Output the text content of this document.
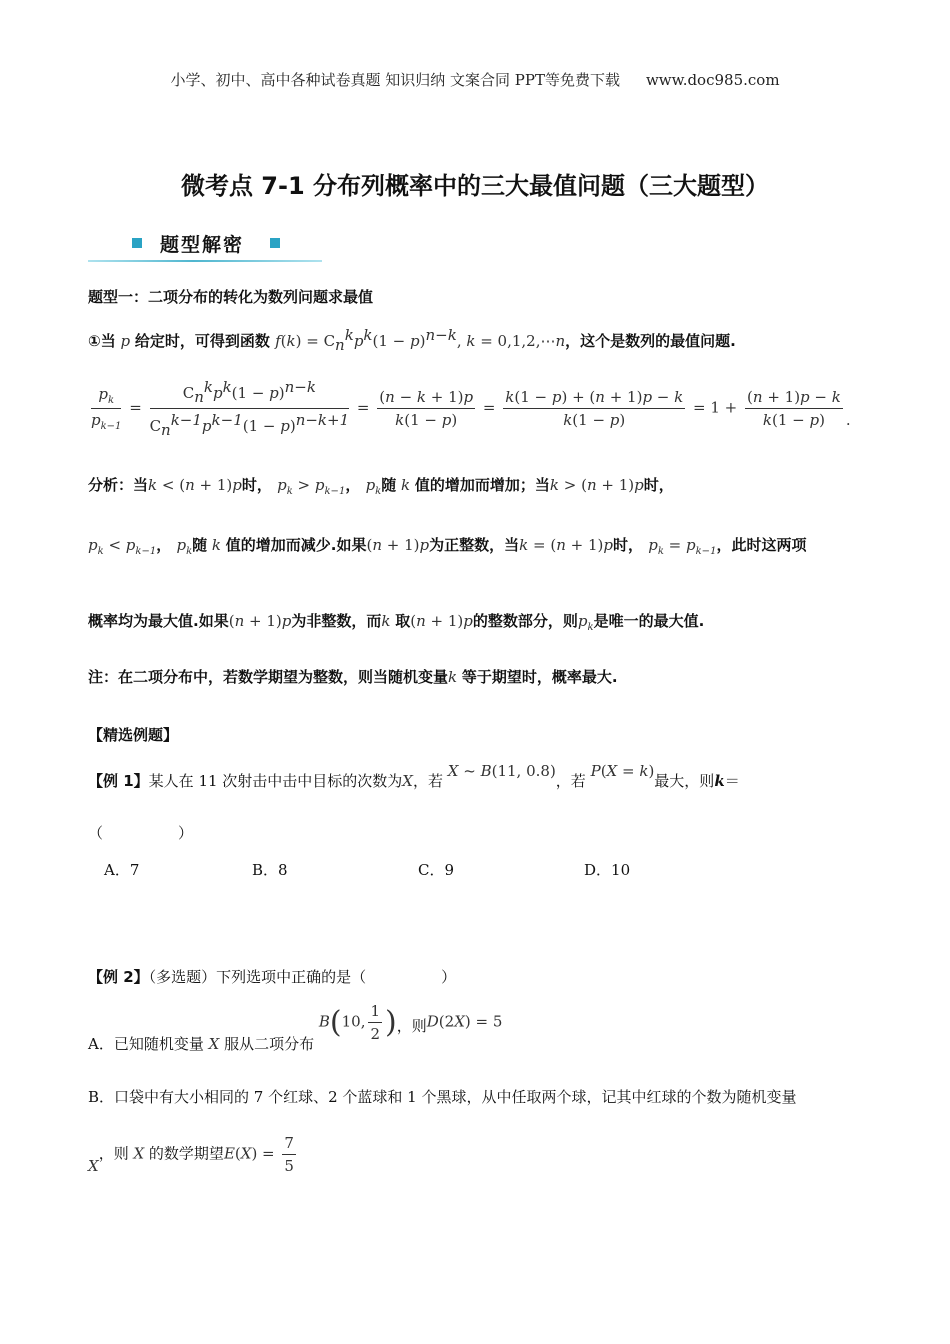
小学、初中、高中各种试卷真题 知识归纳 文案合同 PPT等免费下载 www.doc985.com
微考点 7-1 分布列概率中的三大最值问题（三大题型）
题型解密
题型一：二项分布的转化为数列问题求最值
①当 p 给定时，可得到函数 $f(k) = C_n^kp^k(1 - p)^{n-k}$, k = 0,1,2,⋯n，这个是数列的最值问题.
$\frac{p_k}{p_{k-1}} = \frac{C_n^kp^k(1 - p)^{n-k}}{C_n^{k-1}p^{k-1}(1 - p)^{n-k+1}} = \frac{(n - k + 1)p}{k(1 - p)} = \frac{k(1 - p) + (n + 1)p - k}{k(1 - p)} = 1 + \frac{(n + 1)p - k}{k(1 - p)}$ .
分析：当k < (n + 1)p时， $p_k > p_{k-1}$， $p_k$随 k 值的增加而增加；当k > (n + 1)p时，
$p_k < p_{k-1}$， $p_k$随 k 值的增加而减少.如果(n + 1)p为正整数，当k = (n + 1)p时， $p_k = p_{k-1}$，此时这两项
概率均为最大值.如果(n + 1)p为非整数，而k 取(n + 1)p的整数部分，则$p_k$是唯一的最大值.
注：在二项分布中，若数学期望为整数，则当随机变量k 等于期望时，概率最大.
【精选例题】
【例 1】某人在 11 次射击中击中目标的次数为X，若 X ~ B(11, 0.8)，若 P(X = k)最大，则k＝
（　　　　　）
A．7	B．8	C．9	D．10
【例 2】（多选题）下列选项中正确的是（　　　　　）
A．已知随机变量 X 服从二项分布 B(10, $\frac{1}{2}$ )，则D(2X) = 5
B．口袋中有大小相同的 7 个红球、2 个蓝球和 1 个黑球，从中任取两个球，记其中红球的个数为随机变量
X，则 X 的数学期望$E(X) = \frac{7}{5}$
